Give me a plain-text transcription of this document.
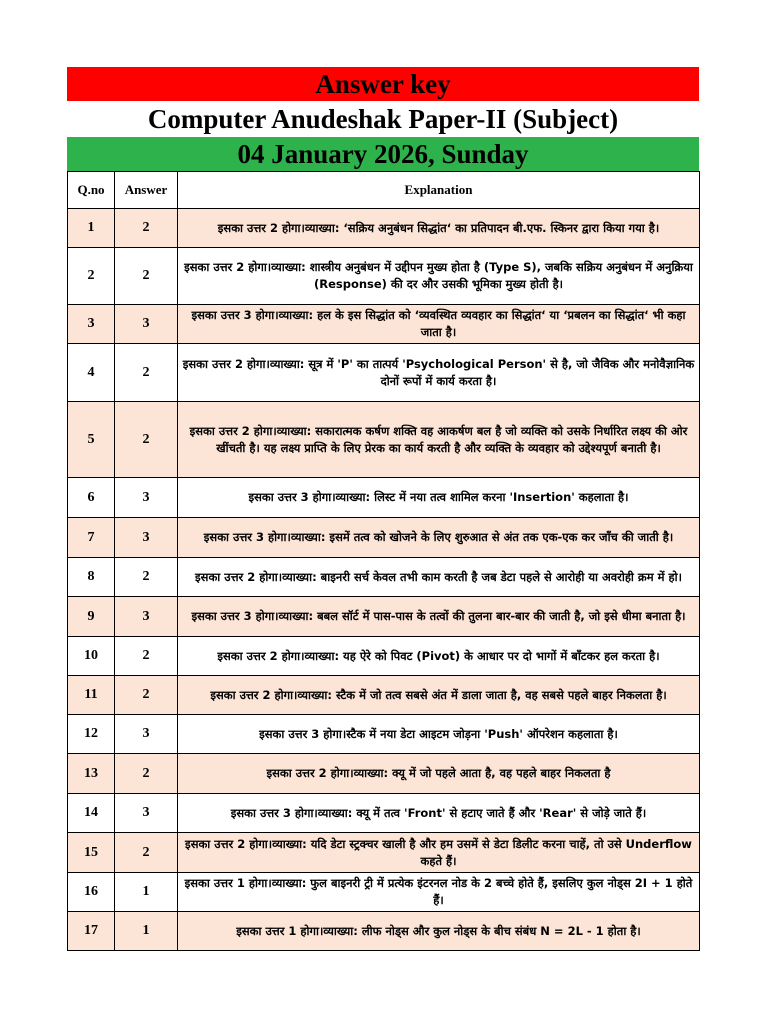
Answer key
Computer Anudeshak Paper-II (Subject)
04 January 2026, Sunday
Q.no	Answer	Explanation
1	2	इसका उत्तर 2 होगा।व्याख्या: ‘सक्रिय अनुबंधन सिद्धांत‘ का प्रतिपादन बी.एफ. स्किनर द्वारा किया गया है।
2	2	इसका उत्तर 2 होगा।व्याख्या: शास्त्रीय अनुबंधन में उद्दीपन मुख्य होता है (Type S), जबकि सक्रिय अनुबंधन में अनुक्रिया (Response) की दर और उसकी भूमिका मुख्य होती है।
3	3	इसका उत्तर 3 होगा।व्याख्या: हल के इस सिद्धांत को ‘व्यवस्थित व्यवहार का सिद्धांत‘ या ‘प्रबलन का सिद्धांत‘ भी कहा जाता है।
4	2	इसका उत्तर 2 होगा।व्याख्या: सूत्र में 'P' का तात्पर्य 'Psychological Person' से है, जो जैविक और मनोवैज्ञानिक दोनों रूपों में कार्य करता है।
5	2	इसका उत्तर 2 होगा।व्याख्या: सकारात्मक कर्षण शक्ति वह आकर्षण बल है जो व्यक्ति को उसके निर्धारित लक्ष्य की ओर खींचती है। यह लक्ष्य प्राप्ति के लिए प्रेरक का कार्य करती है और व्यक्ति के व्यवहार को उद्देश्यपूर्ण बनाती है।
6	3	इसका उत्तर 3 होगा।व्याख्या: लिस्ट में नया तत्व शामिल करना 'Insertion' कहलाता है।
7	3	इसका उत्तर 3 होगा।व्याख्या: इसमें तत्व को खोजने के लिए शुरुआत से अंत तक एक-एक कर जाँच की जाती है।
8	2	इसका उत्तर 2 होगा।व्याख्या: बाइनरी सर्च केवल तभी काम करती है जब डेटा पहले से आरोही या अवरोही क्रम में हो।
9	3	इसका उत्तर 3 होगा।व्याख्या: बबल सॉर्ट में पास-पास के तत्वों की तुलना बार-बार की जाती है, जो इसे धीमा बनाता है।
10	2	इसका उत्तर 2 होगा।व्याख्या: यह ऐरे को पिवट (Pivot) के आधार पर दो भागों में बाँटकर हल करता है।
11	2	इसका उत्तर 2 होगा।व्याख्या: स्टैक में जो तत्व सबसे अंत में डाला जाता है, वह सबसे पहले बाहर निकलता है।
12	3	इसका उत्तर 3 होगा।स्टैक में नया डेटा आइटम जोड़ना 'Push' ऑपरेशन कहलाता है।
13	2	इसका उत्तर 2 होगा।व्याख्या: क्यू में जो पहले आता है, वह पहले बाहर निकलता है
14	3	इसका उत्तर 3 होगा।व्याख्या: क्यू में तत्व 'Front' से हटाए जाते हैं और 'Rear' से जोड़े जाते हैं।
15	2	इसका उत्तर 2 होगा।व्याख्या: यदि डेटा स्ट्रक्चर खाली है और हम उसमें से डेटा डिलीट करना चाहें, तो उसे Underflow कहते हैं।
16	1	इसका उत्तर 1 होगा।व्याख्या: फुल बाइनरी ट्री में प्रत्येक इंटरनल नोड के 2 बच्चे होते हैं, इसलिए कुल नोड्स 2I + 1 होते हैं।
17	1	इसका उत्तर 1 होगा।व्याख्या: लीफ नोड्स और कुल नोड्स के बीच संबंध N = 2L - 1 होता है।
